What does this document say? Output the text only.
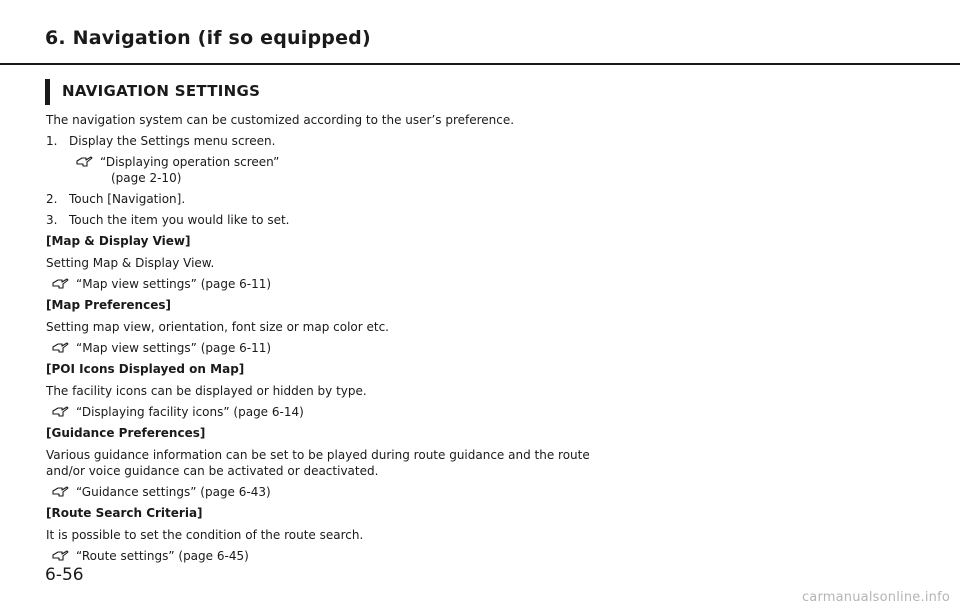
6. Navigation (if so equipped)
NAVIGATION SETTINGS

The navigation system can be customized according to the user’s preference.

1. Display the Settings menu screen.
“Displaying operation screen”
(page 2-10)
2. Touch [Navigation].
3. Touch the item you would like to set.
[Map & Display View]
Setting Map & Display View.
“Map view settings” (page 6-11)
[Map Preferences]
Setting map view, orientation, font size or map color etc.
“Map view settings” (page 6-11)
[POI Icons Displayed on Map]
The facility icons can be displayed or hidden by type.
“Displaying facility icons” (page 6-14)
[Guidance Preferences]
Various guidance information can be set to be played during route guidance and the route
and/or voice guidance can be activated or deactivated.
“Guidance settings” (page 6-43)
[Route Search Criteria]
It is possible to set the condition of the route search.
“Route settings” (page 6-45)
6-56
carmanualsonline.info
